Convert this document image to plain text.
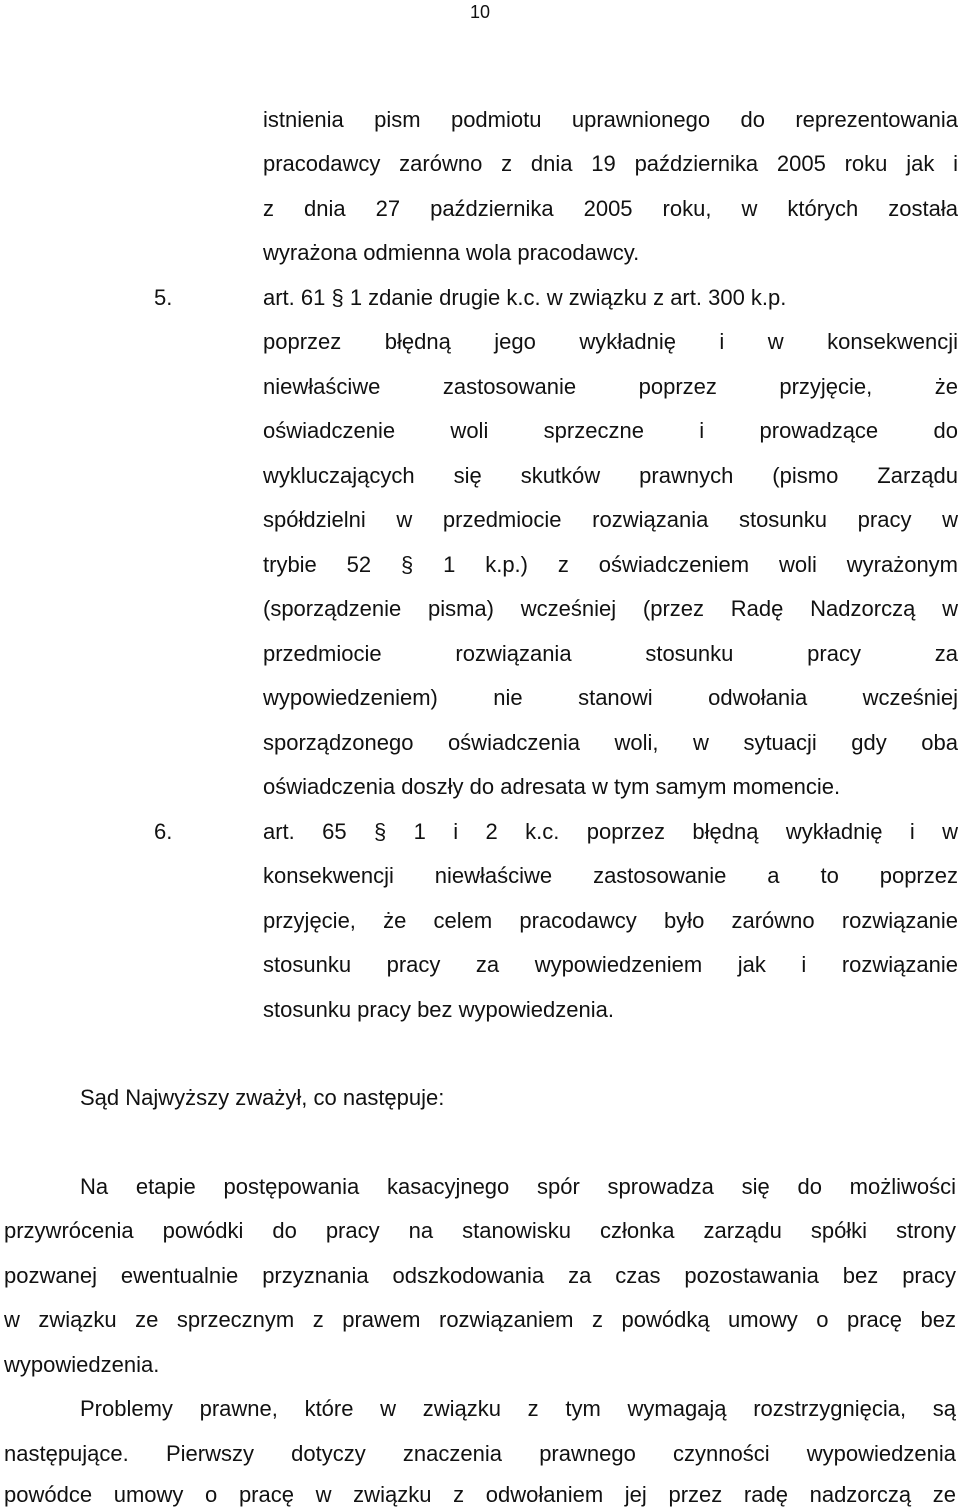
10
istnienia pism podmiotu uprawnionego do reprezentowania
pracodawcy zarówno z dnia 19 października 2005 roku jak i
z dnia 27 października 2005 roku, w których została
wyrażona odmienna wola pracodawcy.
5.	art. 61 § 1 zdanie drugie k.c. w związku z art. 300 k.p.
poprzez błędną jego wykładnię i w konsekwencji
niewłaściwe zastosowanie poprzez przyjęcie, że
oświadczenie woli sprzeczne i prowadzące do
wykluczających się skutków prawnych (pismo Zarządu
spółdzielni w przedmiocie rozwiązania stosunku pracy w
trybie 52 § 1 k.p.) z oświadczeniem woli wyrażonym
(sporządzenie pisma) wcześniej (przez Radę Nadzorczą w
przedmiocie rozwiązania stosunku pracy za
wypowiedzeniem) nie stanowi odwołania wcześniej
sporządzonego oświadczenia woli, w sytuacji gdy oba
oświadczenia doszły do adresata w tym samym momencie.
6.	art. 65 § 1 i 2 k.c. poprzez błędną wykładnię i w
konsekwencji niewłaściwe zastosowanie a to poprzez
przyjęcie, że celem pracodawcy było zarówno rozwiązanie
stosunku pracy za wypowiedzeniem jak i rozwiązanie
stosunku pracy bez wypowiedzenia.
Sąd Najwyższy zważył, co następuje:
Na etapie postępowania kasacyjnego spór sprowadza się do możliwości
przywrócenia powódki do pracy na stanowisku członka zarządu spółki strony
pozwanej ewentualnie przyznania odszkodowania za czas pozostawania bez pracy
w związku ze sprzecznym z prawem rozwiązaniem z powódką umowy o pracę bez
wypowiedzenia.
Problemy prawne, które w związku z tym wymagają rozstrzygnięcia, są
następujące. Pierwszy dotyczy znaczenia prawnego czynności wypowiedzenia
powódce umowy o pracę w związku z odwołaniem jej przez radę nadzorczą ze
